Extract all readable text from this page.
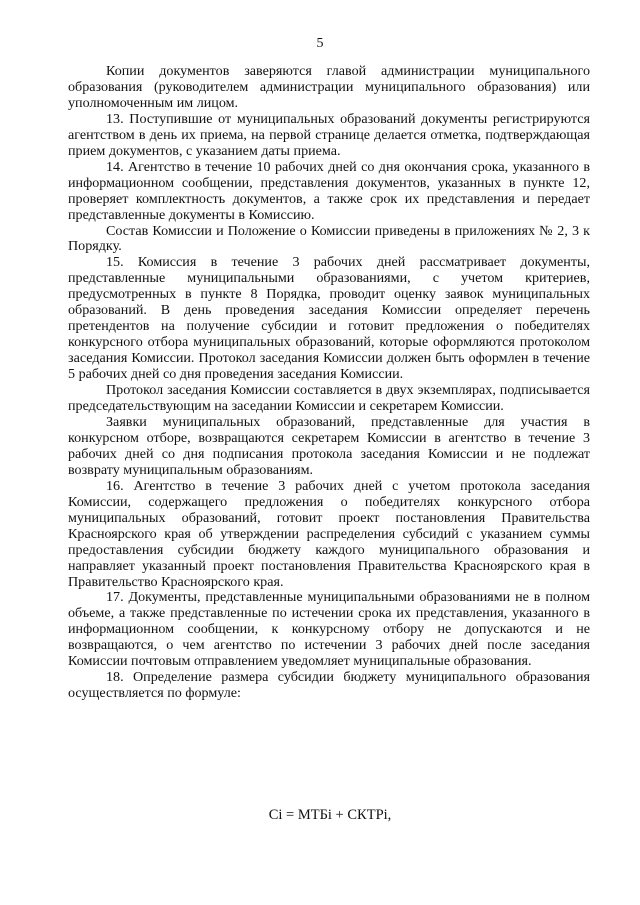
5

Копии документов заверяются главой администрации муниципального образования (руководителем администрации муниципального образования) или уполномоченным им лицом.

13. Поступившие от муниципальных образований документы регистрируются агентством в день их приема, на первой странице делается отметка, подтверждающая прием документов, с указанием даты приема.

14. Агентство в течение 10 рабочих дней со дня окончания срока, указанного в информационном сообщении, представления документов, указанных в пункте 12, проверяет комплектность документов, а также срок их представления и передает представленные документы в Комиссию.

Состав Комиссии и Положение о Комиссии приведены в приложениях № 2, 3 к Порядку.

15. Комиссия в течение 3 рабочих дней рассматривает документы, представленные муниципальными образованиями, с учетом критериев, предусмотренных в пункте 8 Порядка, проводит оценку заявок муниципальных образований. В день проведения заседания Комиссии определяет перечень претендентов на получение субсидии и готовит предложения о победителях конкурсного отбора муниципальных образований, которые оформляются протоколом заседания Комиссии. Протокол заседания Комиссии должен быть оформлен в течение 5 рабочих дней со дня проведения заседания Комиссии.

Протокол заседания Комиссии составляется в двух экземплярах, подписывается председательствующим на заседании Комиссии и секретарем Комиссии.

Заявки муниципальных образований, представленные для участия в конкурсном отборе, возвращаются секретарем Комиссии в агентство в течение 3 рабочих дней со дня подписания протокола заседания Комиссии и не подлежат возврату муниципальным образованиям.

16. Агентство в течение 3 рабочих дней с учетом протокола заседания Комиссии, содержащего предложения о победителях конкурсного отбора муниципальных образований, готовит проект постановления Правительства Красноярского края об утверждении распределения субсидий с указанием суммы предоставления субсидии бюджету каждого муниципального образования и направляет указанный проект постановления Правительства Красноярского края в Правительство Красноярского края.

17. Документы, представленные муниципальными образованиями не в полном объеме, а также представленные по истечении срока их представления, указанного в информационном сообщении, к конкурсному отбору не допускаются и не возвращаются, о чем агентство по истечении 3 рабочих дней после заседания Комиссии почтовым отправлением уведомляет муниципальные образования.

18. Определение размера субсидии бюджету муниципального образования осуществляется по формуле:

Ci = МТБi + СКТРi,
